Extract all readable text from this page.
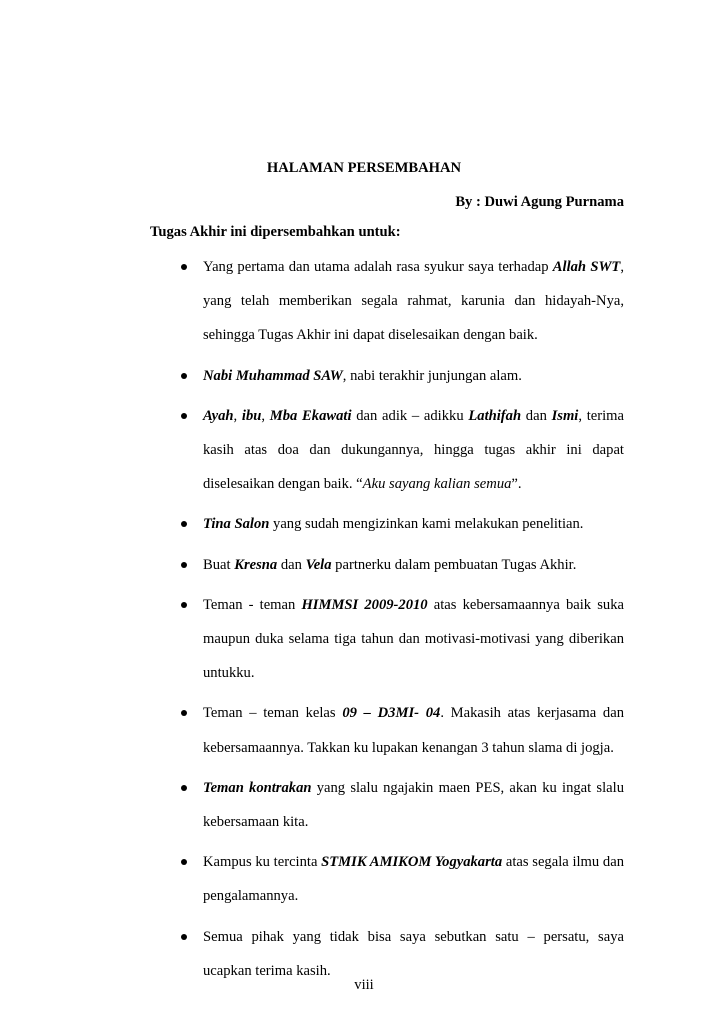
HALAMAN PERSEMBAHAN
By : Duwi Agung Purnama
Tugas Akhir ini dipersembahkan untuk:
Yang pertama dan utama adalah rasa syukur saya terhadap Allah SWT, yang telah memberikan segala rahmat, karunia dan hidayah-Nya, sehingga Tugas Akhir ini dapat diselesaikan dengan baik.
Nabi Muhammad SAW, nabi terakhir junjungan alam.
Ayah, ibu, Mba Ekawati dan adik – adikku Lathifah dan Ismi, terima kasih atas doa dan dukungannya, hingga tugas akhir ini dapat diselesaikan dengan baik. “Aku sayang kalian semua”.
Tina Salon yang sudah mengizinkan kami melakukan penelitian.
Buat Kresna dan Vela partnerku dalam pembuatan Tugas Akhir.
Teman - teman HIMMSI 2009-2010 atas kebersamaannya baik suka maupun duka selama tiga tahun dan motivasi-motivasi yang diberikan untukku.
Teman – teman kelas 09 – D3MI- 04. Makasih atas kerjasama dan kebersamaannya. Takkan ku lupakan kenangan 3 tahun slama di jogja.
Teman kontrakan yang slalu ngajakin maen PES, akan ku ingat slalu kebersamaan kita.
Kampus ku tercinta STMIK AMIKOM Yogyakarta atas segala ilmu dan pengalamannya.
Semua pihak yang tidak bisa saya sebutkan satu – persatu, saya ucapkan terima kasih.
viii
